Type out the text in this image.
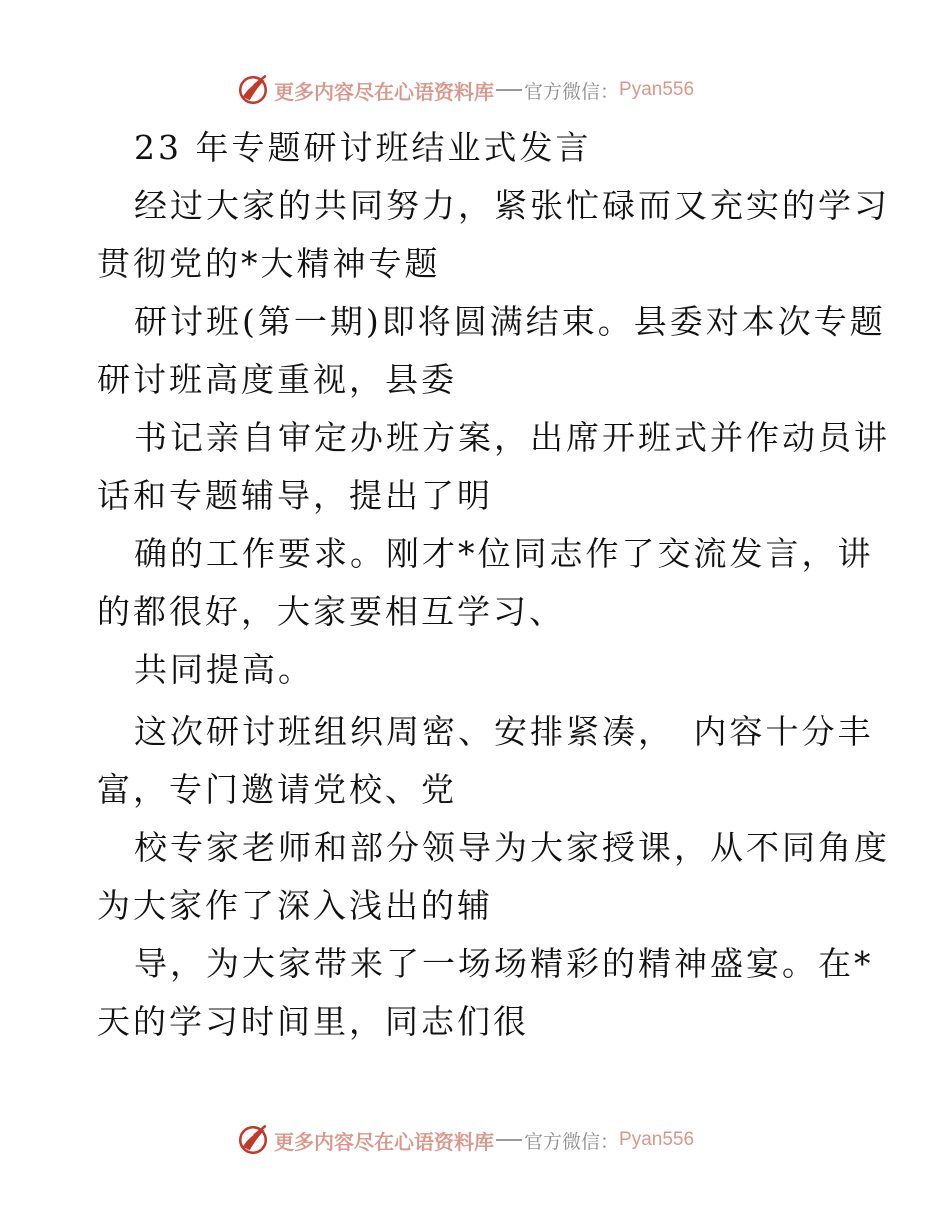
更多内容尽在心语资料库 官方微信： Pyan556
23 年专题研讨班结业式发言
经过大家的共同努力，紧张忙碌而又充实的学习
贯彻党的*大精神专题
研讨班(第一期)即将圆满结束。县委对本次专题
研讨班高度重视，县委
书记亲自审定办班方案，出席开班式并作动员讲
话和专题辅导，提出了明
确的工作要求。刚才*位同志作了交流发言，讲
的都很好，大家要相互学习、
共同提高。
这次研讨班组织周密、安排紧凑，　内容十分丰
富，专门邀请党校、党
校专家老师和部分领导为大家授课，从不同角度
为大家作了深入浅出的辅
导，为大家带来了一场场精彩的精神盛宴。在*
天的学习时间里，同志们很
更多内容尽在心语资料库 官方微信： Pyan556
